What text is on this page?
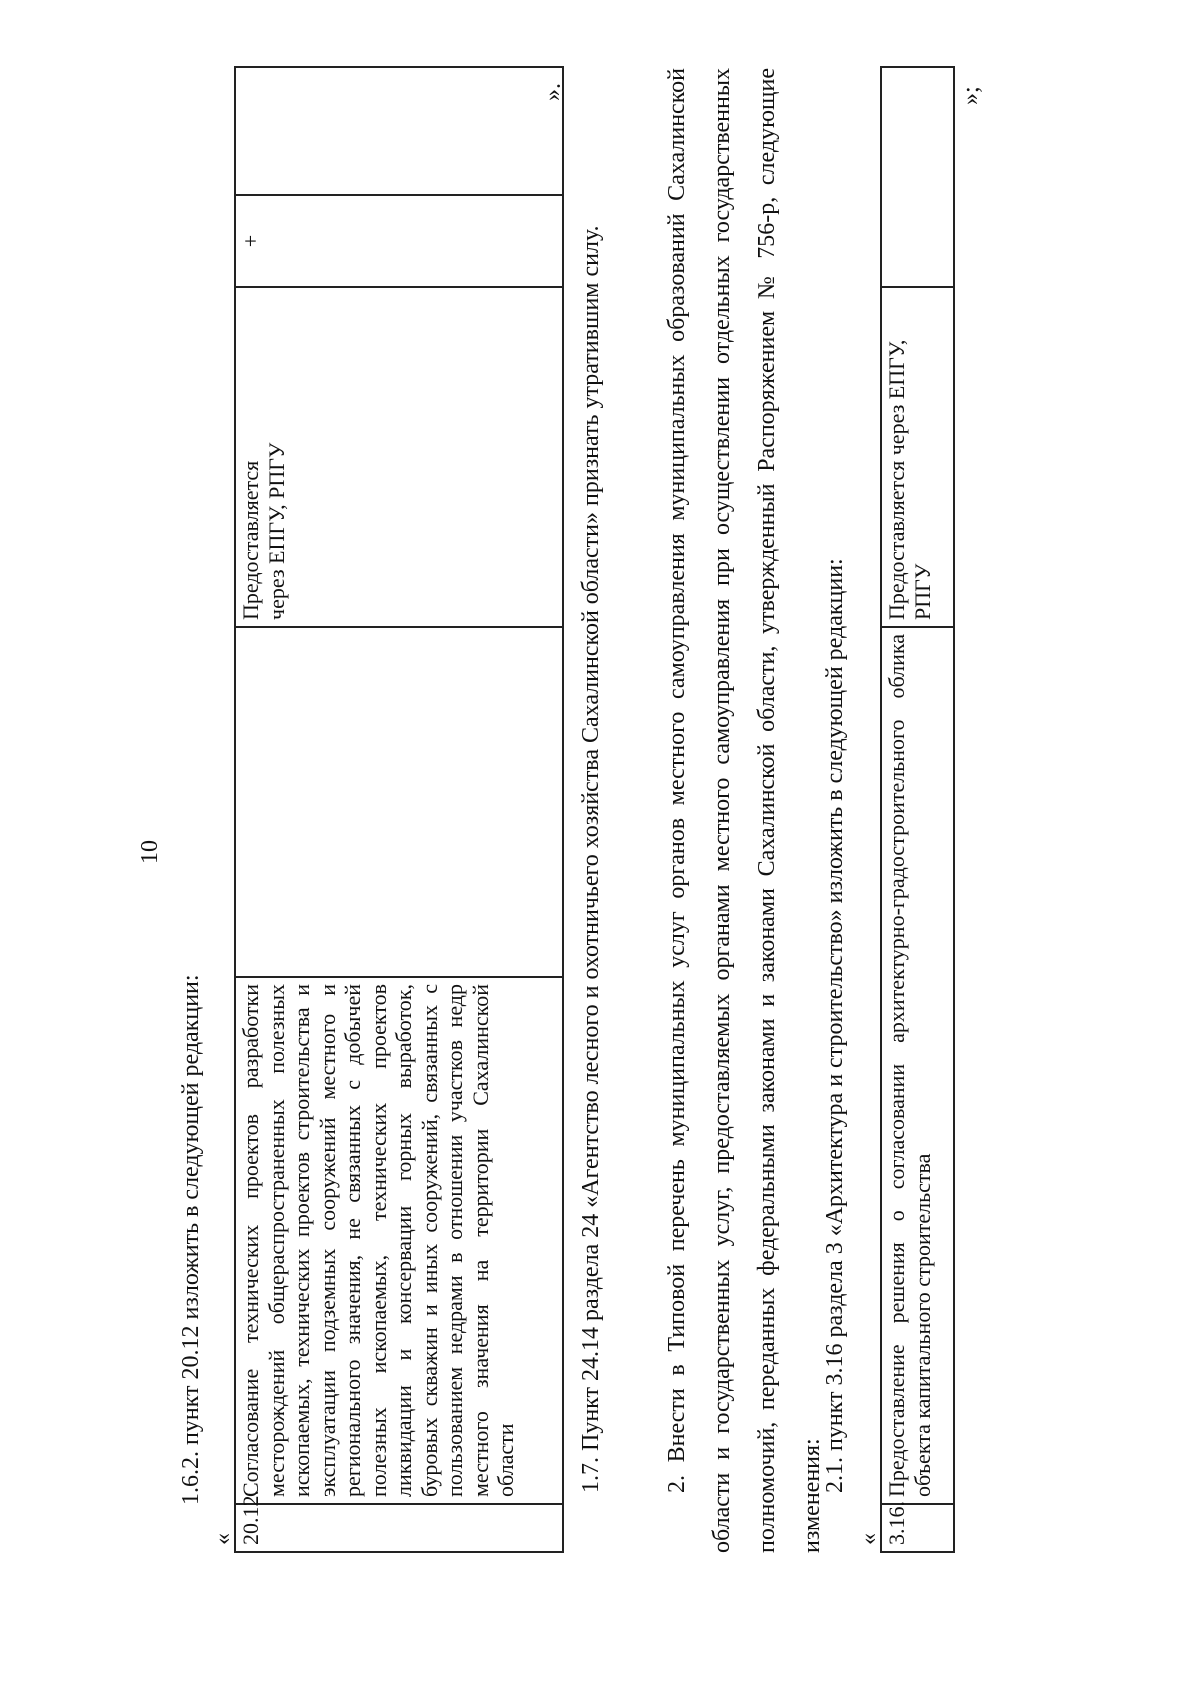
10
1.6.2. пункт 20.12 изложить в следующей редакции:
« 20.12.	Согласование технических проектов разработки месторождений общераспространенных полезных ископаемых, технических проектов строительства и эксплуатации подземных сооружений местного и регионального значения, не связанных с добычей полезных ископаемых, технических проектов ликвидации и консервации горных выработок, буровых скважин и иных сооружений, связанных с пользованием недрами в отношении участков недр местного значения на территории Сахалинской области		Предоставляется через ЕПГУ, РПГУ	+	
».
1.7. Пункт 24.14 раздела 24 «Агентство лесного и охотничьего хозяйства Сахалинской области» признать утратившим силу.	2. Внести в Типовой перечень муниципальных услуг органов местного самоуправления муниципальных образований Сахалинской области и государственных услуг, предоставляемых органами местного самоуправления при осуществлении отдельных государственных полномочий, переданных федеральными законами и законами Сахалинской области, утвержденный Распоряжением № 756-р, следующие изменения:
2.1. пункт 3.16 раздела 3 «Архитектура и строительство» изложить в следующей редакции:
« 3.16.	Предоставление решения о согласовании архитектурно-градостроительного облика объекта капитального строительства	Предоставляется через ЕПГУ, РПГУ	
»;
